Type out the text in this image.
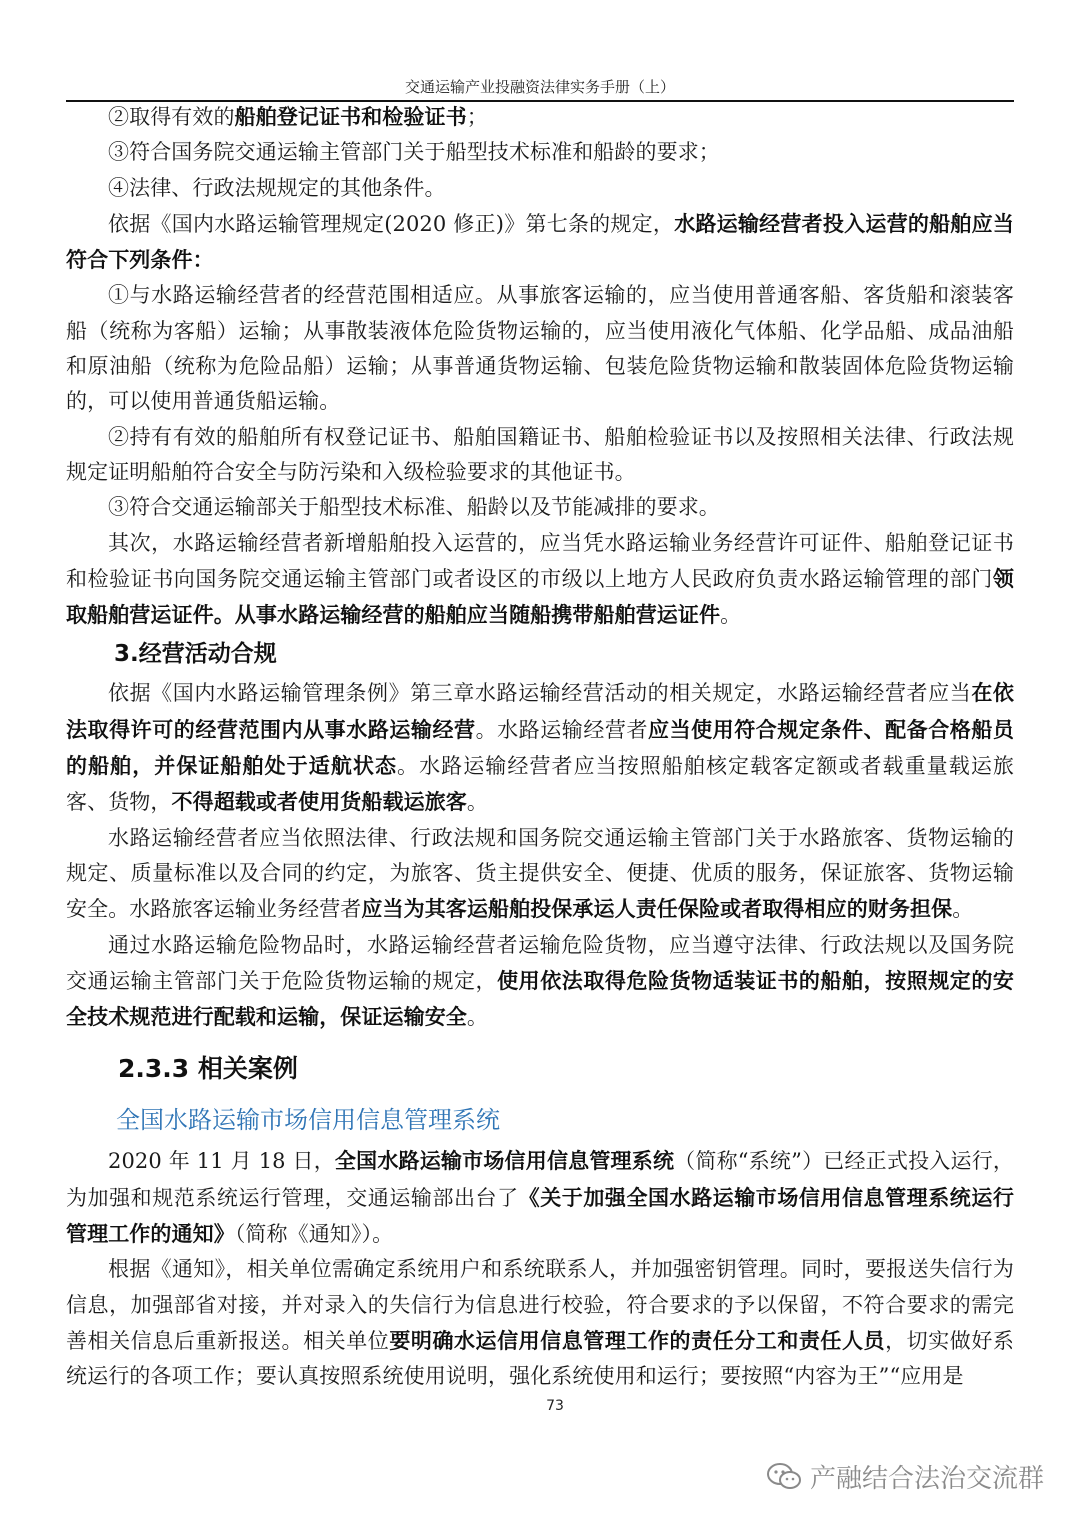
交通运输产业投融资法律实务手册（上）

②取得有效的船舶登记证书和检验证书；

③符合国务院交通运输主管部门关于船型技术标准和船龄的要求；

④法律、行政法规规定的其他条件。

依据《国内水路运输管理规定(2020 修正)》第七条的规定，水路运输经营者投入运营的船舶应当符合下列条件：

①与水路运输经营者的经营范围相适应。从事旅客运输的，应当使用普通客船、客货船和滚装客船（统称为客船）运输；从事散装液体危险货物运输的，应当使用液化气体船、化学品船、成品油船和原油船（统称为危险品船）运输；从事普通货物运输、包装危险货物运输和散装固体危险货物运输的，可以使用普通货船运输。

②持有有效的船舶所有权登记证书、船舶国籍证书、船舶检验证书以及按照相关法律、行政法规规定证明船舶符合安全与防污染和入级检验要求的其他证书。

③符合交通运输部关于船型技术标准、船龄以及节能减排的要求。

其次，水路运输经营者新增船舶投入运营的，应当凭水路运输业务经营许可证件、船舶登记证书和检验证书向国务院交通运输主管部门或者设区的市级以上地方人民政府负责水路运输管理的部门领取船舶营运证件。从事水路运输经营的船舶应当随船携带船舶营运证件。

3.经营活动合规

依据《国内水路运输管理条例》第三章水路运输经营活动的相关规定，水路运输经营者应当在依法取得许可的经营范围内从事水路运输经营。水路运输经营者应当使用符合规定条件、配备合格船员的船舶，并保证船舶处于适航状态。水路运输经营者应当按照船舶核定载客定额或者载重量载运旅客、货物，不得超载或者使用货船载运旅客。

水路运输经营者应当依照法律、行政法规和国务院交通运输主管部门关于水路旅客、货物运输的规定、质量标准以及合同的约定，为旅客、货主提供安全、便捷、优质的服务，保证旅客、货物运输安全。水路旅客运输业务经营者应当为其客运船舶投保承运人责任保险或者取得相应的财务担保。

通过水路运输危险物品时，水路运输经营者运输危险货物，应当遵守法律、行政法规以及国务院交通运输主管部门关于危险货物运输的规定，使用依法取得危险货物适装证书的船舶，按照规定的安全技术规范进行配载和运输，保证运输安全。

2.3.3 相关案例
全国水路运输市场信用信息管理系统

2020 年 11 月 18 日，全国水路运输市场信用信息管理系统（简称“系统”）已经正式投入运行，为加强和规范系统运行管理，交通运输部出台了《关于加强全国水路运输市场信用信息管理系统运行管理工作的通知》（简称《通知》）。

根据《通知》，相关单位需确定系统用户和系统联系人，并加强密钥管理。同时，要报送失信行为信息，加强部省对接，并对录入的失信行为信息进行校验，符合要求的予以保留，不符合要求的需完善相关信息后重新报送。相关单位要明确水运信用信息管理工作的责任分工和责任人员，切实做好系统运行的各项工作；要认真按照系统使用说明，强化系统使用和运行；要按照“内容为王”“应用是

73
产融结合法治交流群
